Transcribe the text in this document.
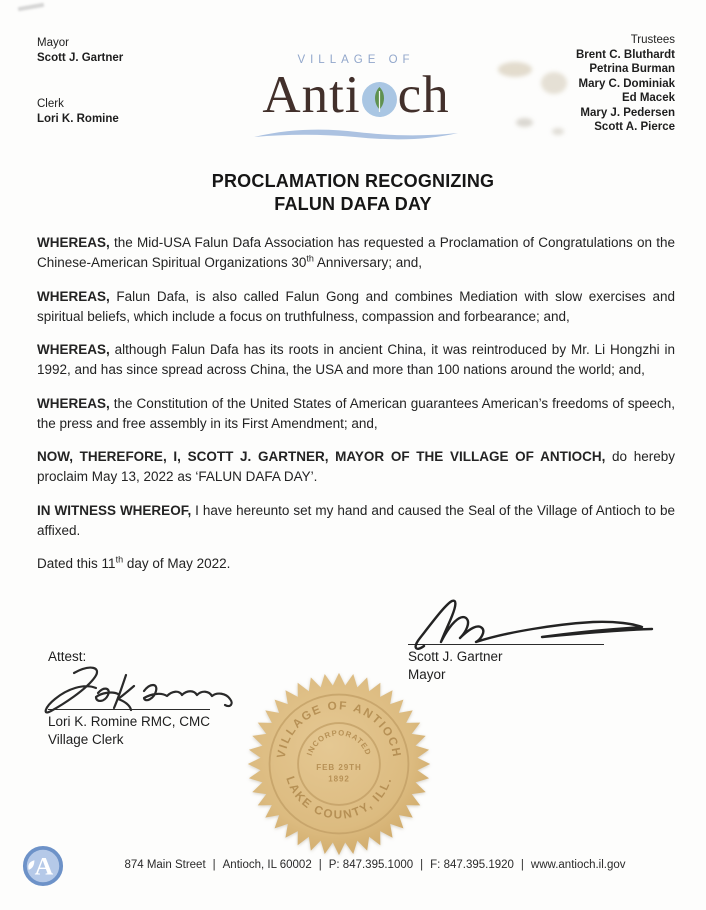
Mayor
Scott J. Gartner
Clerk
Lori K. Romine
Trustees
Brent C. Bluthardt
Petrina Burman
Mary C. Dominiak
Ed Macek
Mary J. Pedersen
Scott A. Pierce
VILLAGE OF
Anti ch
PROCLAMATION RECOGNIZING
FALUN DAFA DAY

WHEREAS, the Mid-USA Falun Dafa Association has requested a Proclamation of Congratulations on the Chinese-American Spiritual Organizations 30th Anniversary; and,

WHEREAS, Falun Dafa, is also called Falun Gong and combines Mediation with slow exercises and spiritual beliefs, which include a focus on truthfulness, compassion and forbearance; and,

WHEREAS, although Falun Dafa has its roots in ancient China, it was reintroduced by Mr. Li Hongzhi in 1992, and has since spread across China, the USA and more than 100 nations around the world; and,

WHEREAS, the Constitution of the United States of American guarantees American’s freedoms of speech, the press and free assembly in its First Amendment; and,

NOW, THEREFORE, I, SCOTT J. GARTNER, MAYOR OF THE VILLAGE OF ANTIOCH, do hereby proclaim May 13, 2022 as ‘FALUN DAFA DAY’.

IN WITNESS WHEREOF, I have hereunto set my hand and caused the Seal of the Village of Antioch to be affixed.

Dated this 11th day of May 2022.

Scott J. Gartner
Mayor
Attest:
Lori K. Romine RMC, CMC
Village Clerk
VILLAGE OF ANTIOCH
LAKE COUNTY, ILL.
INCORPORATED
FEB 29TH
1892
A	874 Main Street | Antioch, IL 60002 | P: 847.395.1000 | F: 847.395.1920 | www.antioch.il.gov
